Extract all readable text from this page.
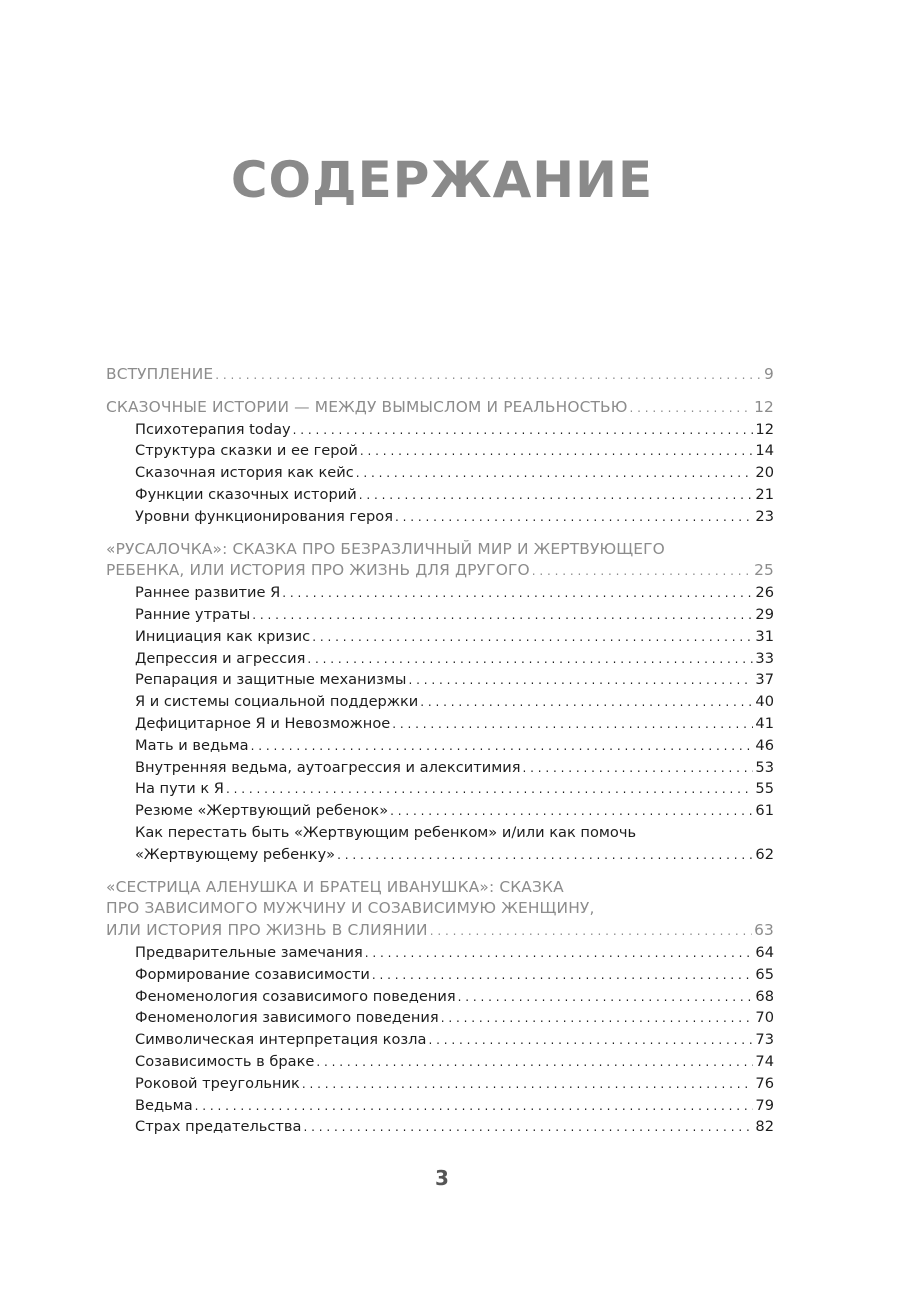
СОДЕРЖАНИЕ
ВСТУПЛЕНИЕ . . .	9
СКАЗОЧНЫЕ ИСТОРИИ — МЕЖДУ ВЫМЫСЛОМ И РЕАЛЬНОСТЬЮ . . .	12
Психотерапия today . . .	12
Структура сказки и ее герой . . .	14
Сказочная история как кейс . . .	20
Функции сказочных историй . . .	21
Уровни функционирования героя . . .	23
«РУСАЛОЧКА»: СКАЗКА ПРО БЕЗРАЗЛИЧНЫЙ МИР И ЖЕРТВУЮЩЕГО
РЕБЕНКА, ИЛИ ИСТОРИЯ ПРО ЖИЗНЬ ДЛЯ ДРУГОГО . . .	25
Раннее развитие Я . . .	26
Ранние утраты . . .	29
Инициация как кризис . . .	31
Депрессия и агрессия . . .	33
Репарация и защитные механизмы . . .	37
Я и системы социальной поддержки . . .	40
Дефицитарное Я и Невозможное . . .	41
Мать и ведьма . . .	46
Внутренняя ведьма, аутоагрессия и алекситимия . . .	53
На пути к Я . . .	55
Резюме «Жертвующий ребенок» . . .	61
Как перестать быть «Жертвующим ребенком» и/или как помочь
«Жертвующему ребенку» . . .	62
«СЕСТРИЦА АЛЕНУШКА И БРАТЕЦ ИВАНУШКА»: СКАЗКА
ПРО ЗАВИСИМОГО МУЖЧИНУ И СОЗАВИСИМУЮ ЖЕНЩИНУ,
ИЛИ ИСТОРИЯ ПРО ЖИЗНЬ В СЛИЯНИИ . . .	63
Предварительные замечания . . .	64
Формирование созависимости . . .	65
Феноменология созависимого поведения . . .	68
Феноменология зависимого поведения . . .	70
Символическая интерпретация козла . . .	73
Созависимость в браке . . .	74
Роковой треугольник . . .	76
Ведьма . . .	79
Страх предательства . . .	82
3
